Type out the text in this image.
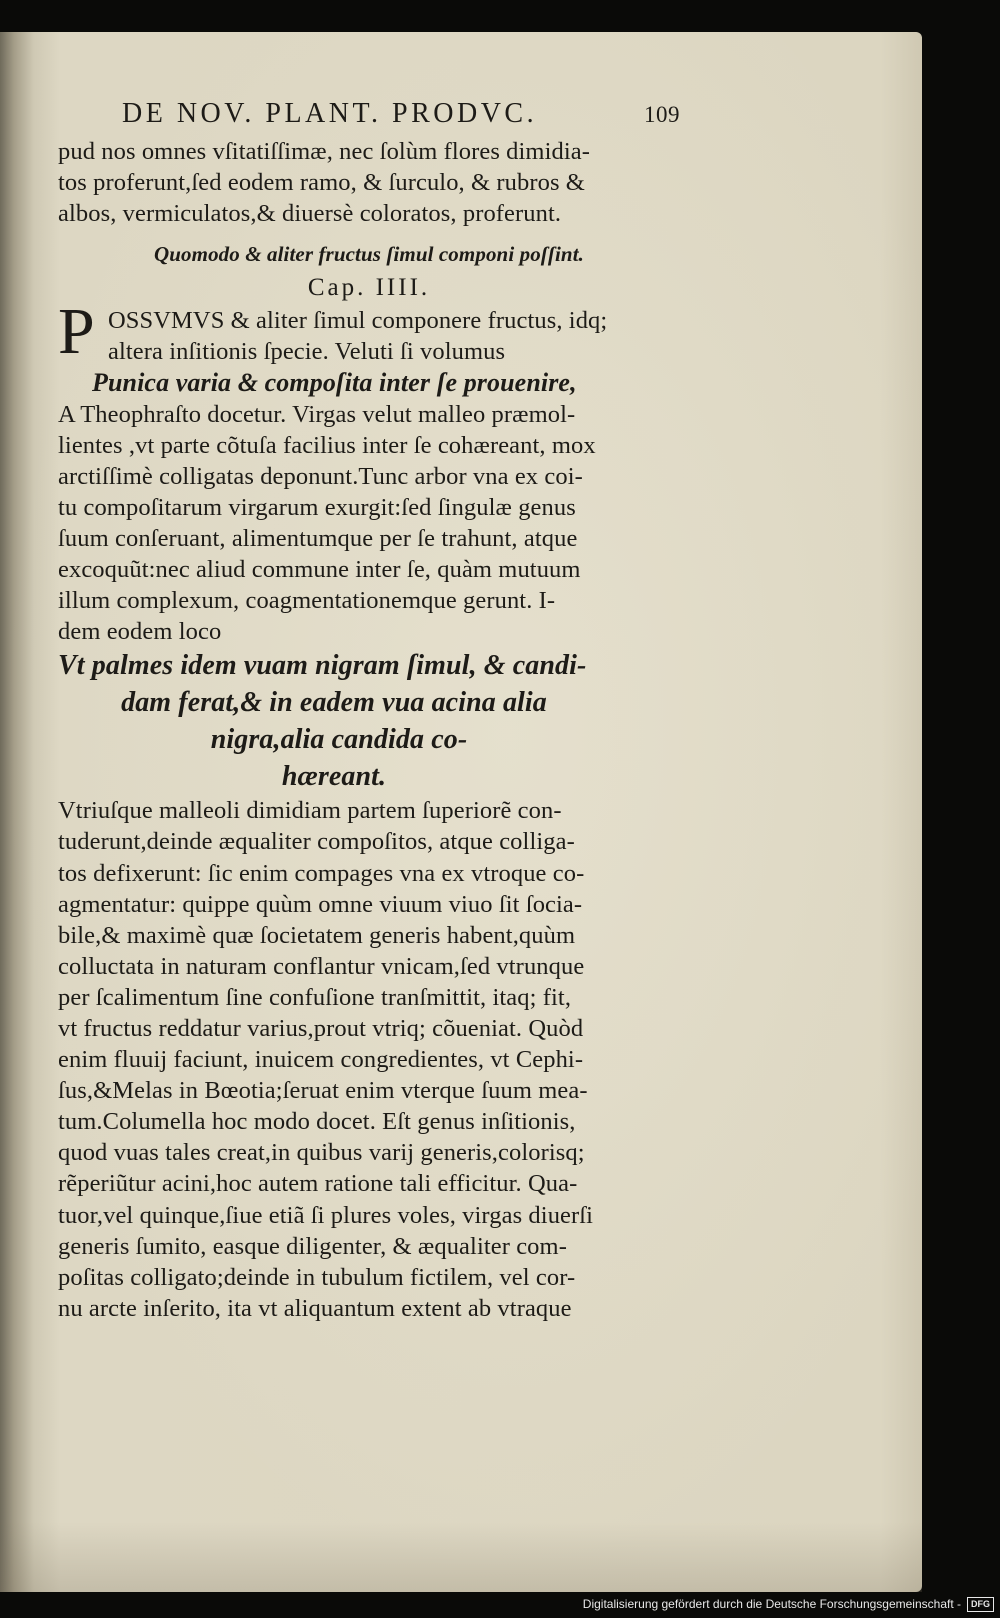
DE NOV. PLANT. PRODVC.	109
pud nos omnes vſitatiſſimæ, nec ſolùm flores dimidia-
tos proferunt,ſed eodem ramo, & ſurculo, & rubros &
albos, vermiculatos,& diuersè coloratos, proferunt.
Quomodo & aliter fructus ſimul componi poſſint.
Cap. IIII.
P OSSVMVS & aliter ſimul componere fructus, idq;
altera inſitionis ſpecie. Veluti ſi volumus
Punica varia & compoſita inter ſe prouenire,
A Theophraſto docetur. Virgas velut malleo præmol-
lientes ,vt parte cõtuſa facilius inter ſe cohæreant, mox
arctiſſimè colligatas deponunt.Tunc arbor vna ex coi-
tu compoſitarum virgarum exurgit:ſed ſingulæ genus
ſuum conſeruant, alimentumque per ſe trahunt, atque
excoquũt:nec aliud commune inter ſe, quàm mutuum
illum complexum, coagmentationemque gerunt. I-
dem eodem loco
Vt palmes idem vuam nigram ſimul, & candi-
dam ferat,& in eadem vua acina alia
nigra,alia candida co-
hæreant.
Vtriuſque malleoli dimidiam partem ſuperiorẽ con-
tuderunt,deinde æqualiter compoſitos, atque colliga-
tos defixerunt: ſic enim compages vna ex vtroque co-
agmentatur: quippe quùm omne viuum viuo ſit ſocia-
bile,& maximè quæ ſocietatem generis habent,quùm
colluctata in naturam conflantur vnicam,ſed vtrunque
per ſcalimentum ſine confuſione tranſmittit, itaq; fit,
vt fructus reddatur varius,prout vtriq; cõueniat. Quòd
enim fluuij faciunt, inuicem congredientes, vt Cephi-
ſus,&Melas in Bœotia;ſeruat enim vterque ſuum mea-
tum.Columella hoc modo docet. Eſt genus inſitionis,
quod vuas tales creat,in quibus varij generis,colorisq;
rẽperiũtur acini,hoc autem ratione tali efficitur. Qua-
tuor,vel quinque,ſiue etiã ſi plures voles, virgas diuerſi
generis ſumito, easque diligenter, & æqualiter com-
poſitas colligato;deinde in tubulum fictilem, vel cor-
nu arcte inſerito, ita vt aliquantum extent ab vtraque
Digitalisierung gefördert durch die Deutsche Forschungsgemeinschaft -	DFG
